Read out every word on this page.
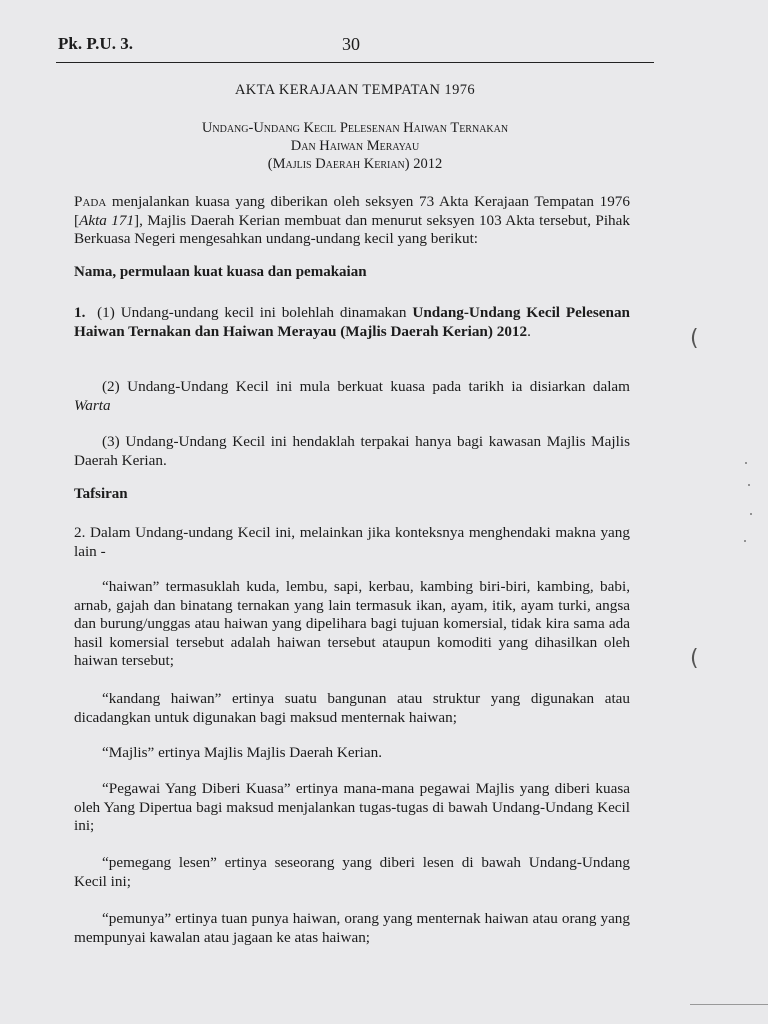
Pk. P.U. 3.	30
AKTA KERAJAAN TEMPATAN 1976
Undang-Undang Kecil Pelesenan Haiwan Ternakan
Dan Haiwan Merayau
(Majlis Daerah Kerian) 2012
Pada menjalankan kuasa yang diberikan oleh seksyen 73 Akta Kerajaan Tempatan 1976 [Akta 171], Majlis Daerah Kerian membuat dan menurut seksyen 103 Akta tersebut, Pihak Berkuasa Negeri mengesahkan undang-undang kecil yang berikut:
Nama, permulaan kuat kuasa dan pemakaian
1. (1) Undang-undang kecil ini bolehlah dinamakan Undang-Undang Kecil Pelesenan Haiwan Ternakan dan Haiwan Merayau (Majlis Daerah Kerian) 2012.
(2) Undang-Undang Kecil ini mula berkuat kuasa pada tarikh ia disiarkan dalam Warta
(3) Undang-Undang Kecil ini hendaklah terpakai hanya bagi kawasan Majlis Majlis Daerah Kerian.
Tafsiran
2. Dalam Undang-undang Kecil ini, melainkan jika konteksnya menghendaki makna yang lain -
“haiwan” termasuklah kuda, lembu, sapi, kerbau, kambing biri-biri, kambing, babi, arnab, gajah dan binatang ternakan yang lain termasuk ikan, ayam, itik, ayam turki, angsa dan burung/unggas atau haiwan yang dipelihara bagi tujuan komersial, tidak kira sama ada hasil komersial tersebut adalah haiwan tersebut ataupun komoditi yang dihasilkan oleh haiwan tersebut;
“kandang haiwan” ertinya suatu bangunan atau struktur yang digunakan atau dicadangkan untuk digunakan bagi maksud menternak haiwan;
“Majlis” ertinya Majlis Majlis Daerah Kerian.
“Pegawai Yang Diberi Kuasa” ertinya mana-mana pegawai Majlis yang diberi kuasa oleh Yang Dipertua bagi maksud menjalankan tugas-tugas di bawah Undang-Undang Kecil ini;
“pemegang lesen” ertinya seseorang yang diberi lesen di bawah Undang-Undang Kecil ini;
“pemunya” ertinya tuan punya haiwan, orang yang menternak haiwan atau orang yang mempunyai kawalan atau jagaan ke atas haiwan;
(
(
